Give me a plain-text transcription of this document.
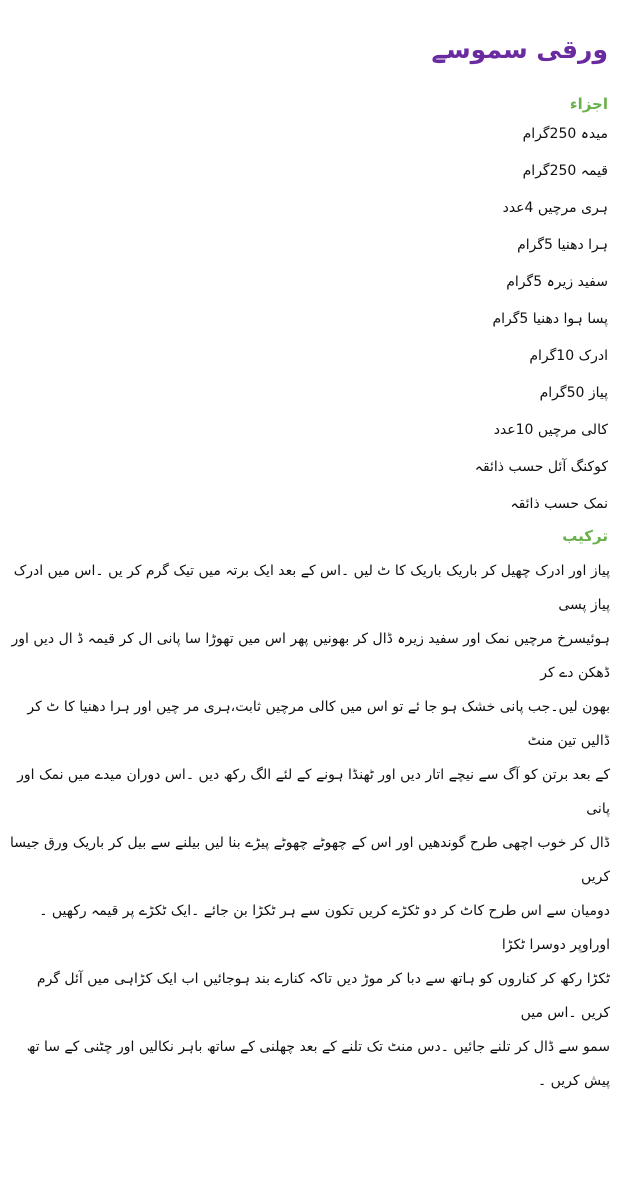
ورقی سموسے
اجزاء
میدہ 250گرام
قیمہ 250گرام
ہری مرچیں 4عدد
ہرا دھنیا 5گرام
سفید زیرہ 5گرام
پسا ہوا دھنیا 5گرام
ادرک 10گرام
پیاز 50گرام
کالی مرچیں 10عدد
کوکنگ آئل حسب ذائقہ
نمک حسب ذائقہ
ترکیب

پیاز اور ادرک چھیل کر باریک باریک کا ٹ لیں ۔اس کے بعد ایک برتہ میں تیک گرم کر یں ۔اس میں ادرک پیاز پسی

ہوئیسرخ مرچیں نمک اور سفید زیرہ ڈال کر بھونیں پھر اس میں تھوڑا سا پانی ال کر قیمہ ڈ ال دیں اور ڈھکن دے کر

بھون لیں۔جب پانی خشک ہو جا ئے تو اس میں کالی مرچیں ثابت،ہری مر چیں اور ہرا دھنیا کا ٹ کر ڈالیں تین منٹ

کے بعد برتن کو آگ سے نیچے اتار دیں اور ٹھنڈا ہونے کے لئے الگ رکھ دیں ۔اس دوران میدے میں نمک اور پانی

ڈال کر خوب اچھی طرح گوندھیں اور اس کے چھوٹے چھوٹے پیڑے بنا لیں بیلنے سے بیل کر باریک ورق جیسا کریں

دومیان سے اس طرح کاٹ کر دو ٹکڑے کریں تکون سے ہر ٹکڑا بن جائے ۔ایک ٹکڑے پر قیمہ رکھیں ۔اوراوپر دوسرا ٹکڑا

ٹکڑا رکھ کر کناروں کو ہاتھ سے دبا کر موڑ دیں تاکہ کنارے بند ہوجائیں اب ایک کڑاہی میں آئل گرم کریں ۔اس میں

سمو سے ڈال کر تلنے جائیں ۔دس منٹ تک تلنے کے بعد چھلنی کے ساتھ باہر نکالیں اور چٹنی کے سا تھ پیش کریں ۔
